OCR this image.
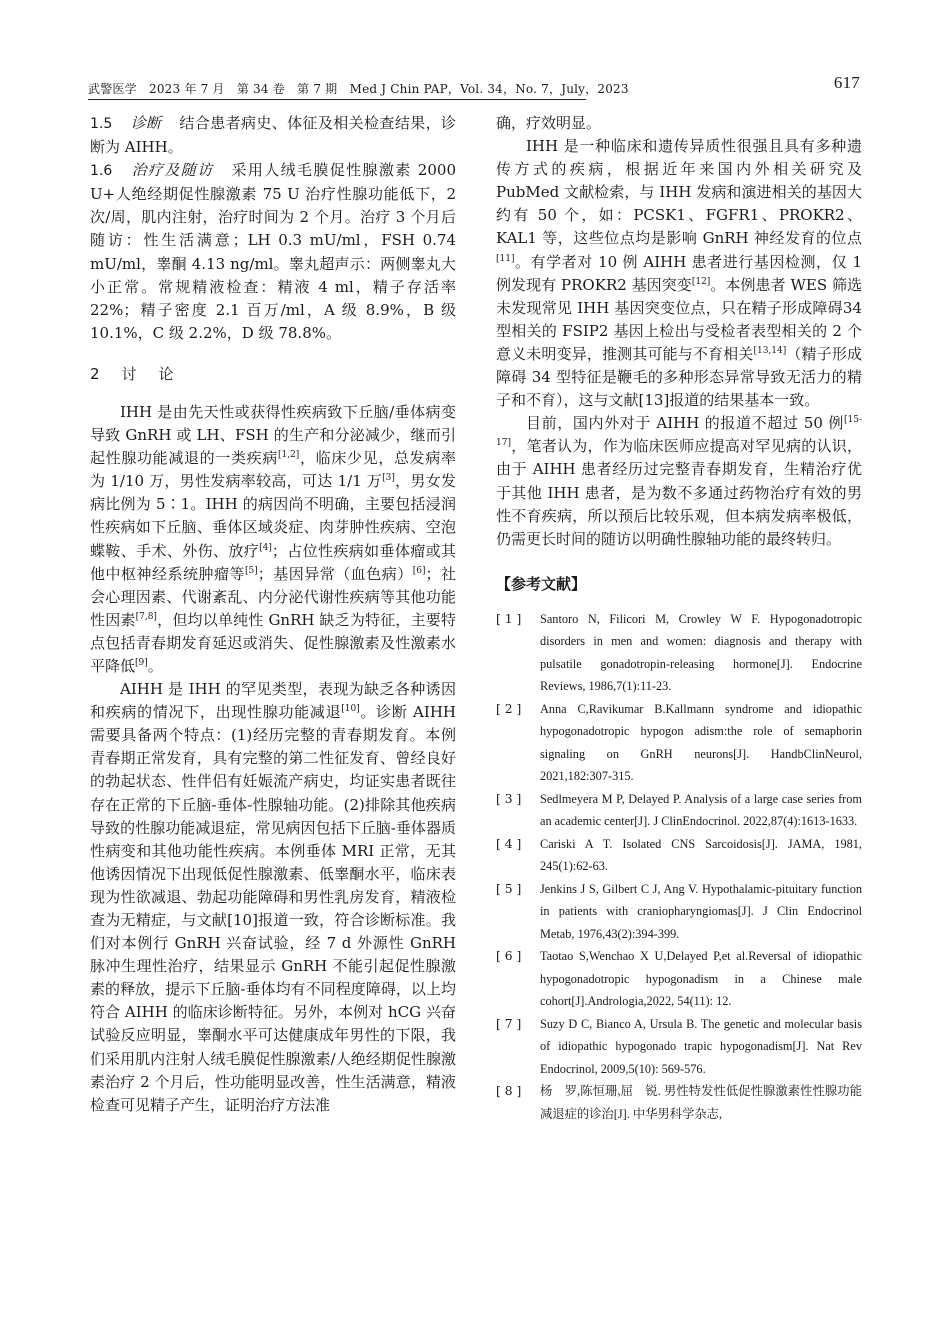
武警医学　2023 年 7 月　第 34 卷　第 7 期　Med J Chin PAP，Vol. 34，No. 7，July，2023	617

1.5 诊断 结合患者病史、体征及相关检查结果，诊断为 AIHH。

1.6 治疗及随访 采用人绒毛膜促性腺激素 2000 U+人绝经期促性腺激素 75 U 治疗性腺功能低下，2 次/周，肌内注射，治疗时间为 2 个月。治疗 3 个月后随访：性生活满意；LH 0.3 mU/ml，FSH 0.74 mU/ml，睾酮 4.13 ng/ml。睾丸超声示：两侧睾丸大小正常。常规精液检查：精液 4 ml，精子存活率 22%；精子密度 2.1 百万/ml，A 级 8.9%，B 级 10.1%，C 级 2.2%，D 级 78.8%。

2 讨论

IHH 是由先天性或获得性疾病致下丘脑/垂体病变导致 GnRH 或 LH、FSH 的生产和分泌减少，继而引起性腺功能减退的一类疾病[1,2]，临床少见，总发病率为 1/10 万，男性发病率较高，可达 1/1 万[3]，男女发病比例为 5∶1。IHH 的病因尚不明确，主要包括浸润性疾病如下丘脑、垂体区域炎症、肉芽肿性疾病、空泡蝶鞍、手术、外伤、放疗[4]；占位性疾病如垂体瘤或其他中枢神经系统肿瘤等[5]；基因异常（血色病）[6]；社会心理因素、代谢紊乱、内分泌代谢性疾病等其他功能性因素[7,8]，但均以单纯性 GnRH 缺乏为特征，主要特点包括青春期发育延迟或消失、促性腺激素及性激素水平降低[9]。

AIHH 是 IHH 的罕见类型，表现为缺乏各种诱因和疾病的情况下，出现性腺功能减退[10]。诊断 AIHH 需要具备两个特点：(1)经历完整的青春期发育。本例青春期正常发育，具有完整的第二性征发育、曾经良好的勃起状态、性伴侣有妊娠流产病史，均证实患者既往存在正常的下丘脑-垂体-性腺轴功能。(2)排除其他疾病导致的性腺功能减退症，常见病因包括下丘脑-垂体器质性病变和其他功能性疾病。本例垂体 MRI 正常，无其他诱因情况下出现低促性腺激素、低睾酮水平，临床表现为性欲减退、勃起功能障碍和男性乳房发育，精液检查为无精症，与文献[10]报道一致，符合诊断标准。我们对本例行 GnRH 兴奋试验，经 7 d 外源性 GnRH 脉冲生理性治疗，结果显示 GnRH 不能引起促性腺激素的释放，提示下丘脑-垂体均有不同程度障碍，以上均符合 AIHH 的临床诊断特征。另外，本例对 hCG 兴奋试验反应明显，睾酮水平可达健康成年男性的下限，我们采用肌内注射人绒毛膜促性腺激素/人绝经期促性腺激素治疗 2 个月后，性功能明显改善，性生活满意，精液检查可见精子产生，证明治疗方法准

确，疗效明显。

IHH 是一种临床和遗传异质性很强且具有多种遗传方式的疾病，根据近年来国内外相关研究及 PubMed 文献检索，与 IHH 发病和演进相关的基因大约有 50 个，如：PCSK1、FGFR1、PROKR2、KAL1 等，这些位点均是影响 GnRH 神经发育的位点[11]。有学者对 10 例 AIHH 患者进行基因检测，仅 1 例发现有 PROKR2 基因突变[12]。本例患者 WES 筛选未发现常见 IHH 基因突变位点，只在精子形成障碍34 型相关的 FSIP2 基因上检出与受检者表型相关的 2 个意义未明变异，推测其可能与不育相关[13,14]（精子形成障碍 34 型特征是鞭毛的多种形态异常导致无活力的精子和不育），这与文献[13]报道的结果基本一致。

目前，国内外对于 AIHH 的报道不超过 50 例[15-17]，笔者认为，作为临床医师应提高对罕见病的认识，由于 AIHH 患者经历过完整青春期发育，生精治疗优于其他 IHH 患者，是为数不多通过药物治疗有效的男性不育疾病，所以预后比较乐观，但本病发病率极低，仍需更长时间的随访以明确性腺轴功能的最终转归。

【参考文献】
[ 1 ]	Santoro N, Filicori M, Crowley W F. Hypogonadotropic disorders in men and women: diagnosis and therapy with pulsatile gonadotropin-releasing hormone[J]. Endocrine Reviews, 1986,7(1):11-23.
[ 2 ]	Anna C,Ravikumar B.Kallmann syndrome and idiopathic hypogonadotropic hypogon adism:the role of semaphorin signaling on GnRH neurons[J]. HandbClinNeurol, 2021,182:307-315.
[ 3 ]	Sedlmeyera M P, Delayed P. Analysis of a large case series from an academic center[J]. J ClinEndocrinol. 2022,87(4):1613-1633.
[ 4 ]	Cariski A T. Isolated CNS Sarcoidosis[J]. JAMA, 1981, 245(1):62-63.
[ 5 ]	Jenkins J S, Gilbert C J, Ang V. Hypothalamic-pituitary function in patients with craniopharyngiomas[J]. J Clin Endocrinol Metab, 1976,43(2):394-399.
[ 6 ]	Taotao S,Wenchao X U,Delayed P,et al.Reversal of idiopathic hypogonadotropic hypogonadism in a Chinese male cohort[J].Andrologia,2022, 54(11): 12.
[ 7 ]	Suzy D C, Bianco A, Ursula B. The genetic and molecular basis of idiopathic hypogonado trapic hypogonadism[J]. Nat Rev Endocrinol, 2009,5(10): 569-576.
[ 8 ]	杨　罗,陈恒珊,屈　锐. 男性特发性低促性腺激素性性腺功能减退症的诊治[J]. 中华男科学杂志,
